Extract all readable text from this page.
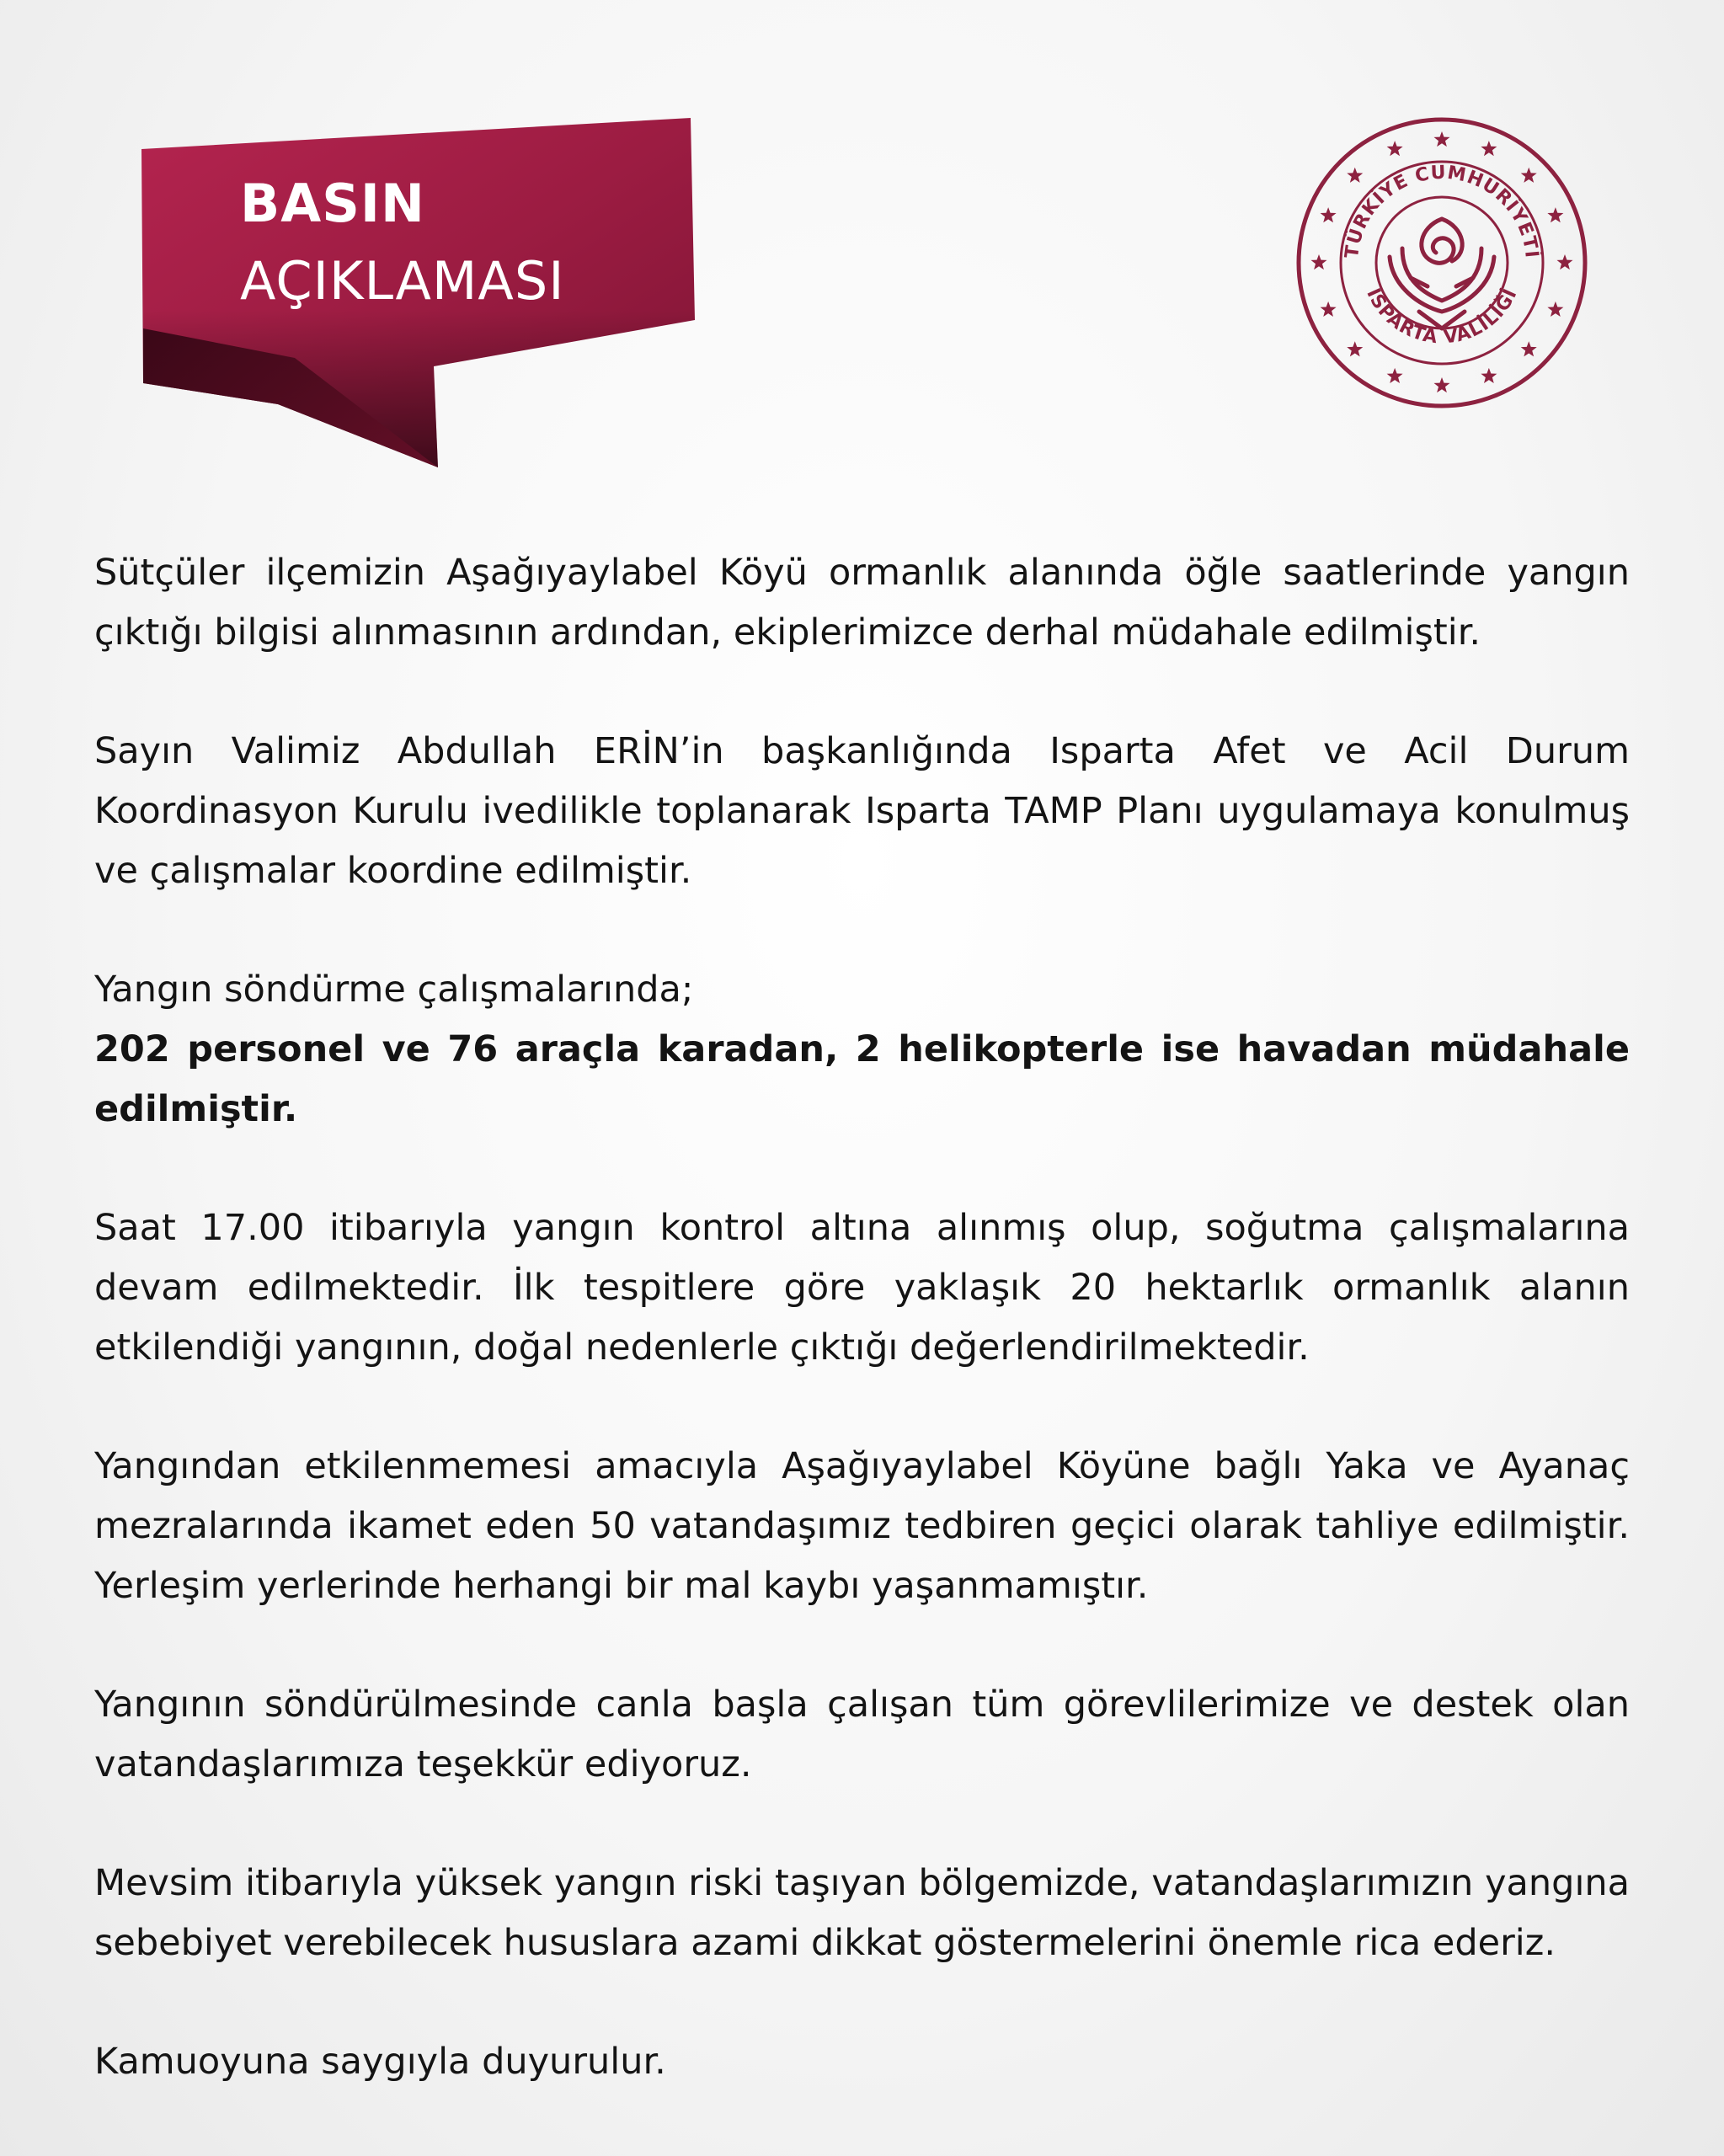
BASIN
AÇIKLAMASI	TÜRKİYE CUMHURİYETİ
ISPARTA VALİLİĞİ

Sütçüler ilçemizin Aşağıyaylabel Köyü ormanlık alanında öğle saatlerinde yangın çıktığı bilgisi alınmasının ardından, ekiplerimizce derhal müdahale edilmiştir.

Sayın Valimiz Abdullah ERİN’in başkanlığında Isparta Afet ve Acil Durum Koordinasyon Kurulu ivedilikle toplanarak Isparta TAMP Planı uygulamaya konulmuş ve çalışmalar koordine edilmiştir.

Yangın söndürme çalışmalarında;

202 personel ve 76 araçla karadan, 2 helikopterle ise havadan müdahale edilmiştir.

Saat 17.00 itibarıyla yangın kontrol altına alınmış olup, soğutma çalışmalarına devam edilmektedir. İlk tespitlere göre yaklaşık 20 hektarlık ormanlık alanın etkilendiği yangının, doğal nedenlerle çıktığı değerlendirilmektedir.

Yangından etkilenmemesi amacıyla Aşağıyaylabel Köyüne bağlı Yaka ve Ayanaç mezralarında ikamet eden 50 vatandaşımız tedbiren geçici olarak tahliye edilmiştir. Yerleşim yerlerinde herhangi bir mal kaybı yaşanmamıştır.

Yangının söndürülmesinde canla başla çalışan tüm görevlilerimize ve destek olan vatandaşlarımıza teşekkür ediyoruz.

Mevsim itibarıyla yüksek yangın riski taşıyan bölgemizde, vatandaşlarımızın yangına sebebiyet verebilecek hususlara azami dikkat göstermelerini önemle rica ederiz.

Kamuoyuna saygıyla duyurulur.
